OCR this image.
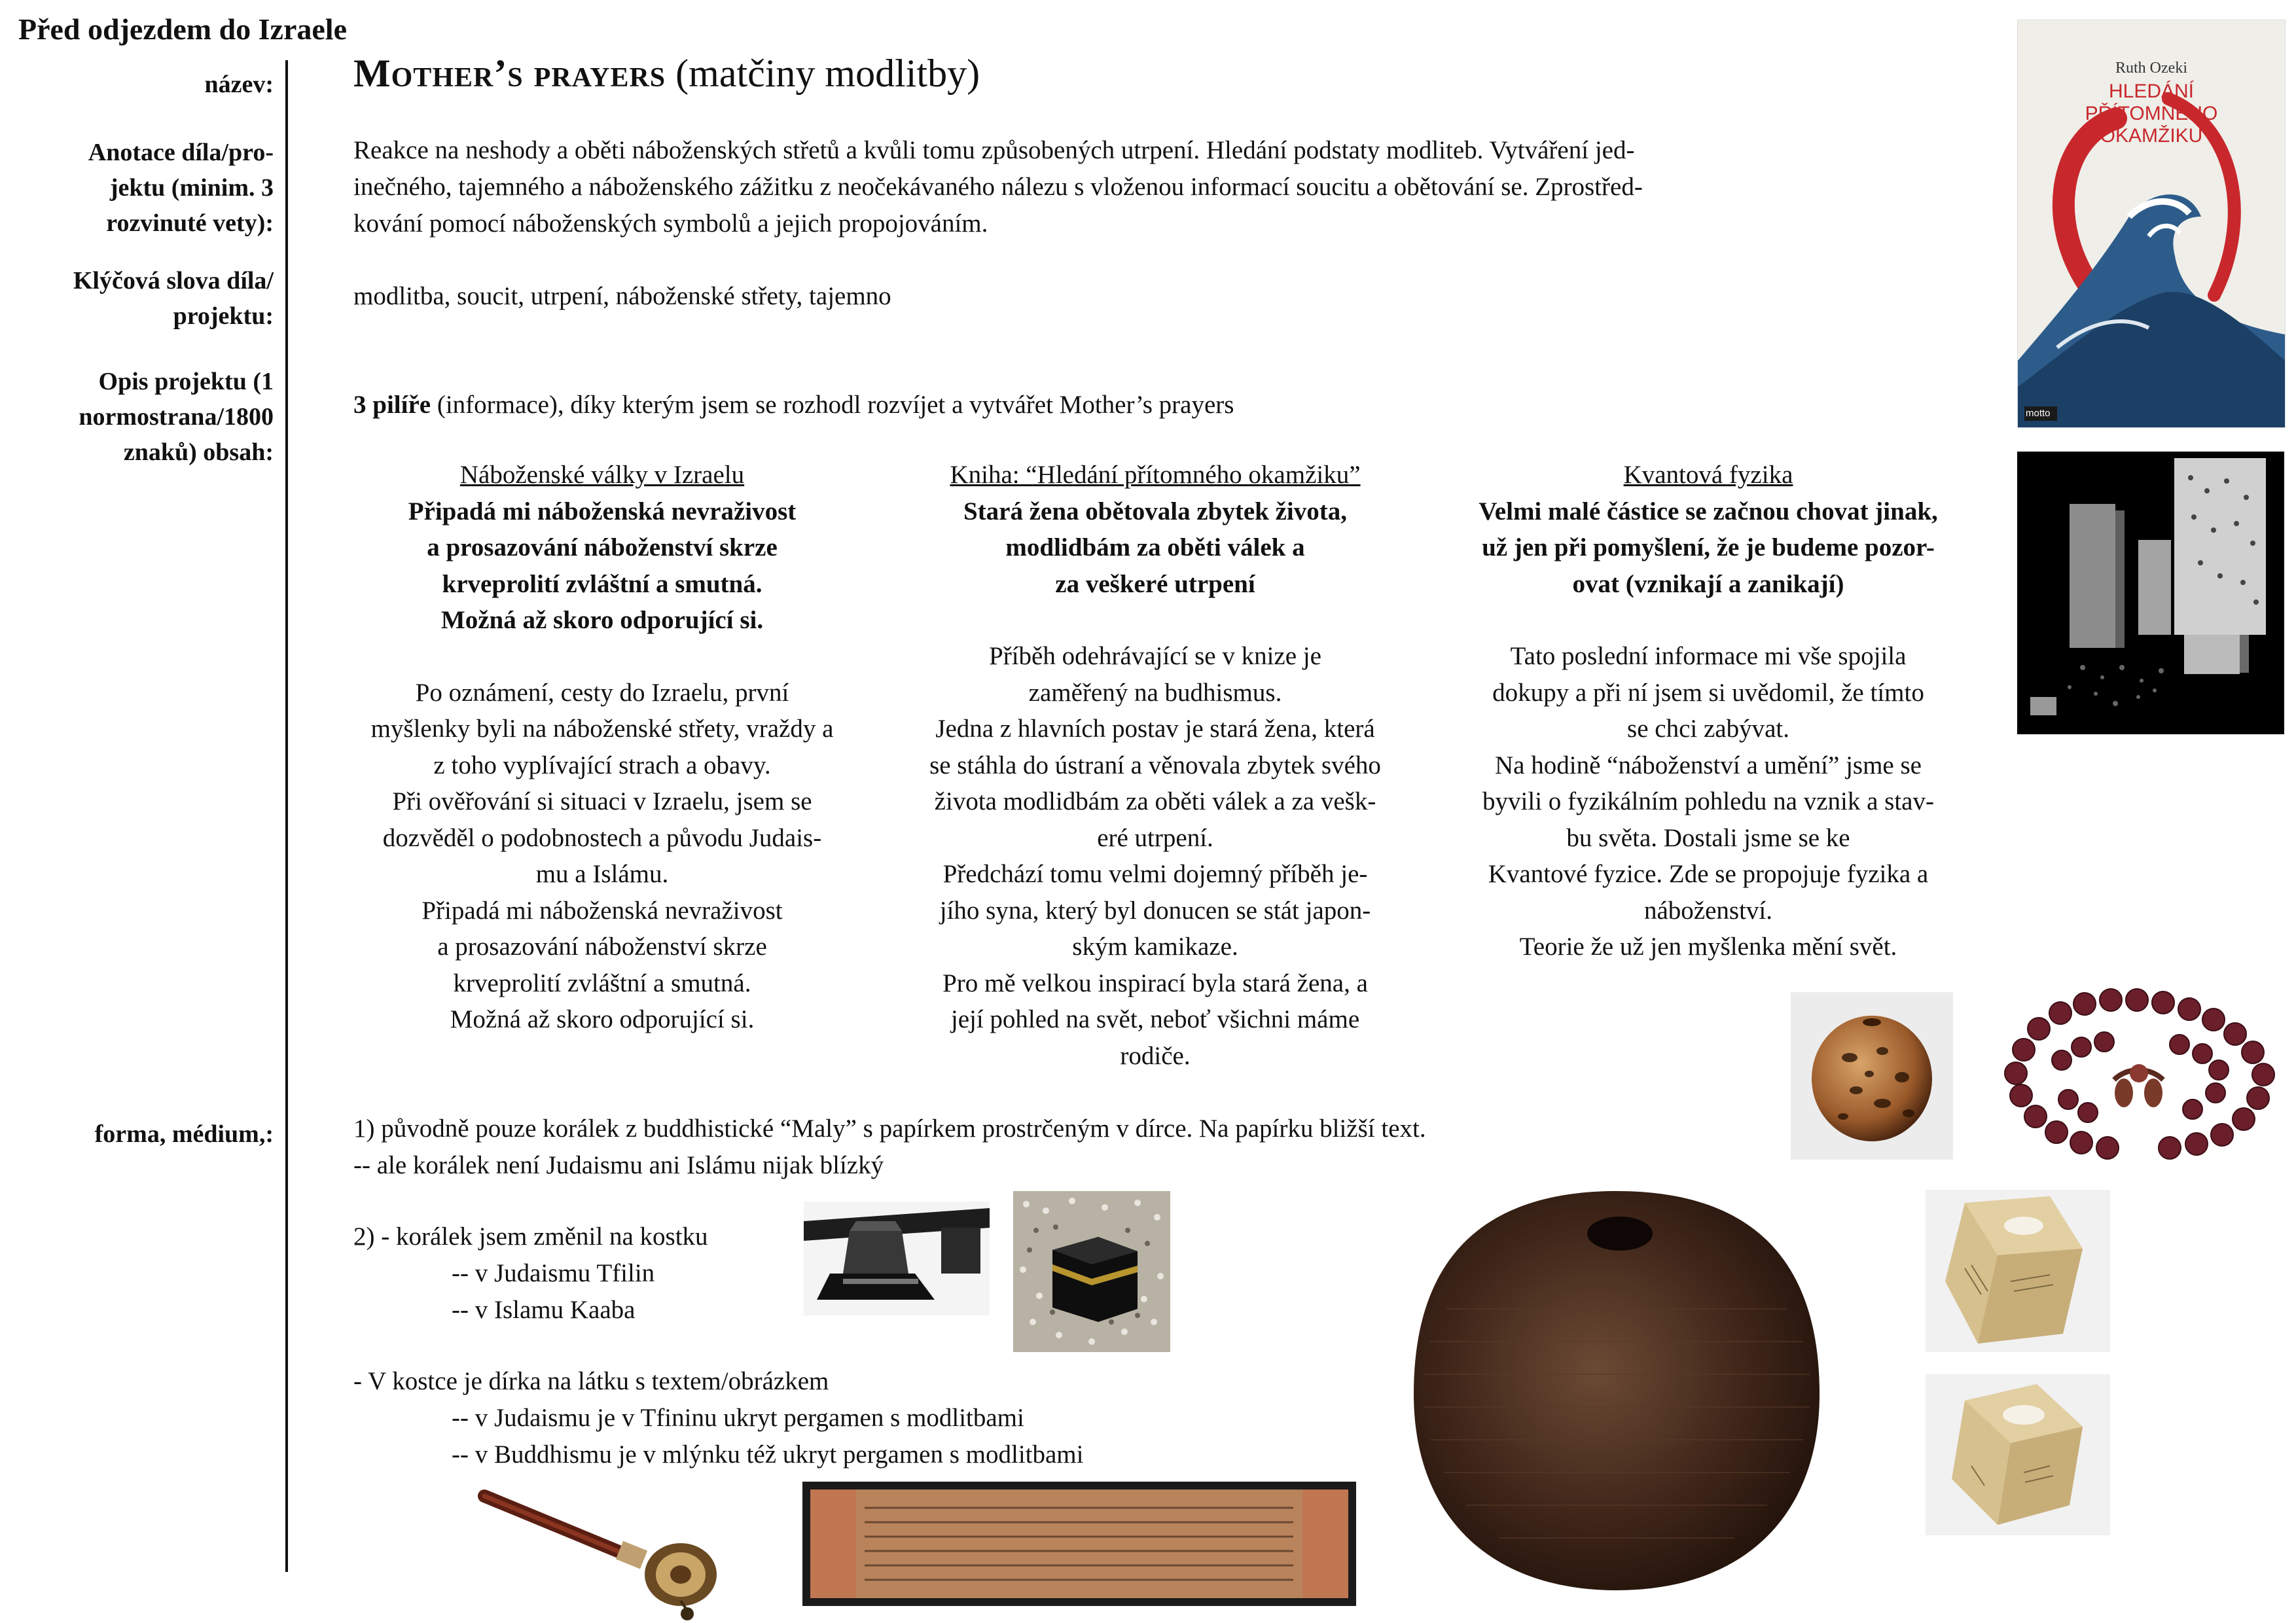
Před odjezdem do Izraele
název:
Anotace díla/pro-
jektu (minim. 3
rozvinuté vety):
Klýčová slova díla/
projektu:
Opis projektu (1
normostrana/1800
znaků) obsah:
forma, médium,:
Mother’s prayers (matčiny modlitby)
Reakce na neshody a oběti náboženských střetů a kvůli tomu způsobených utrpení. Hledání podstaty modliteb. Vytváření jed-
inečného, tajemného a náboženského zážitku z neočekávaného nálezu s vloženou informací soucitu a obětování se. Zprostřed-
kování pomocí náboženských symbolů a jejich propojováním.
modlitba, soucit, utrpení, náboženské střety, tajemno
3 pilíře (informace), díky kterým jsem se rozhodl rozvíjet a vytvářet Mother’s prayers

Náboženské války v Izraelu

Připadá mi náboženská nevraživost

a prosazování náboženství skrze

krveprolití zvláštní a smutná.

Možná až skoro odporující si.

Po oznámení, cesty do Izraelu, první

myšlenky byli na náboženské střety, vraždy a

z toho vyplívající strach a obavy.

Při ověřování si situaci v Izraelu, jsem se

dozvěděl o podobnostech a původu Judais-

mu a Islámu.

Připadá mi náboženská nevraživost

a prosazování náboženství skrze

krveprolití zvláštní a smutná.

Možná až skoro odporující si.

Kniha: “Hledání přítomného okamžiku”

Stará žena obětovala zbytek života,

modlidbám za oběti válek a

za veškeré utrpení

Příběh odehrávající se v knize je

zaměřený na budhismus.

Jedna z hlavních postav je stará žena, která

se stáhla do ústraní a věnovala zbytek svého

života modlidbám za oběti válek a za vešk-

eré utrpení.

Předchází tomu velmi dojemný příběh je-

jího syna, který byl donucen se stát japon-

ským kamikaze.

Pro mě velkou inspirací byla stará žena, a

její pohled na svět, neboť všichni máme

rodiče.

Kvantová fyzika

Velmi malé částice se začnou chovat jinak,

už jen při pomyšlení, že je budeme pozor-

ovat (vznikají a zanikají)

Tato poslední informace mi vše spojila

dokupy a při ní jsem si uvědomil, že tímto

se chci zabývat.

Na hodině “náboženství a umění” jsme se

byvili o fyzikálním pohledu na vznik a stav-

bu světa. Dostali jsme se ke

Kvantové fyzice. Zde se propojuje fyzika a

náboženství.

Teorie že už jen myšlenka mění svět.

1) původně pouze korálek z buddhistické “Maly” s papírkem prostrčeným v dírce. Na papírku bližší text.
-- ale korálek není Judaismu ani Islámu nijak blízký
2) - korálek jsem změnil na kostku
-- v Judaismu Tfilin
-- v Islamu Kaaba
- V kostce je dírka na látku s textem/obrázkem
-- v Judaismu je v Tfininu ukryt pergamen s modlitbami
-- v Buddhismu je v mlýnku též ukryt pergamen s modlitbami
Ruth Ozeki
HLEDÁNÍ
PŘÍTOMNÉHO
OKAMŽIKU
motto
